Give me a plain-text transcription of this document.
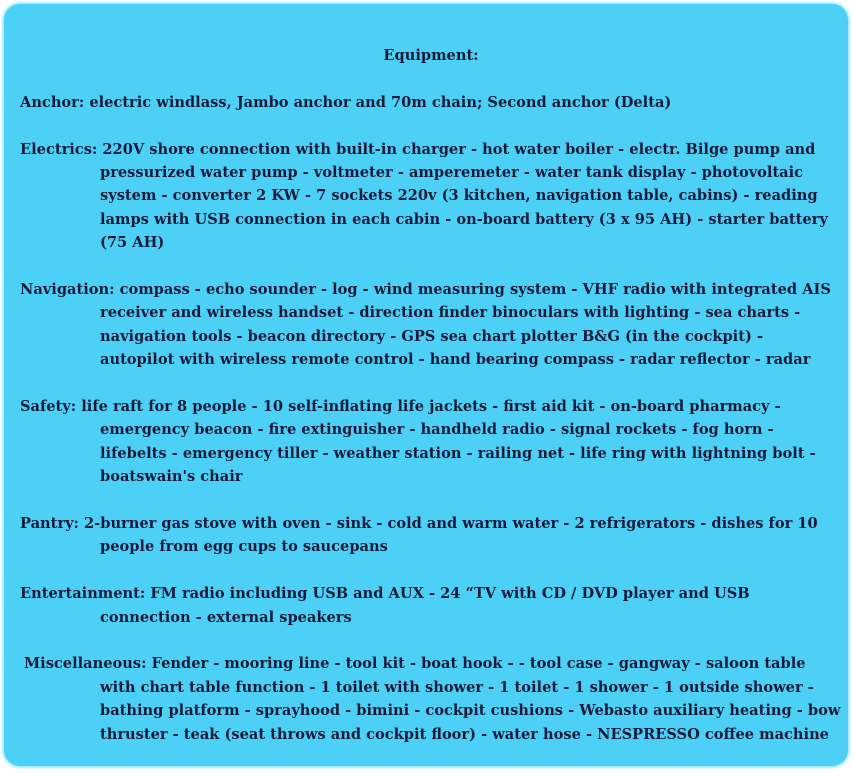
Equipment:
Anchor: electric windlass, Jambo anchor and 70m chain; Second anchor (Delta)
Electrics: 220V shore connection with built-in charger - hot water boiler - electr. Bilge pump and pressurized water pump - voltmeter - amperemeter - water tank display - photovoltaic system - converter 2 KW - 7 sockets 220v (3 kitchen, navigation table, cabins) - reading lamps with USB connection in each cabin - on-board battery (3 x 95 AH) - starter battery (75 AH)
Navigation: compass - echo sounder - log - wind measuring system - VHF radio with integrated AIS receiver and wireless handset - direction finder binoculars with lighting - sea charts - navigation tools - beacon directory - GPS sea chart plotter B&G (in the cockpit) - autopilot with wireless remote control - hand bearing compass - radar reflector - radar
Safety: life raft for 8 people - 10 self-inflating life jackets - first aid kit - on-board pharmacy - emergency beacon - fire extinguisher - handheld radio - signal rockets - fog horn - lifebelts - emergency tiller - weather station - railing net - life ring with lightning bolt - boatswain's chair
Pantry: 2-burner gas stove with oven - sink - cold and warm water - 2 refrigerators - dishes for 10 people from egg cups to saucepans
Entertainment: FM radio including USB and AUX - 24 “TV with CD / DVD player and USB connection - external speakers
Miscellaneous: Fender - mooring line - tool kit - boat hook - - tool case - gangway - saloon table with chart table function - 1 toilet with shower - 1 toilet - 1 shower - 1 outside shower - bathing platform - sprayhood - bimini - cockpit cushions - Webasto auxiliary heating - bow thruster - teak (seat throws and cockpit floor) - water hose - NESPRESSO coffee machine
